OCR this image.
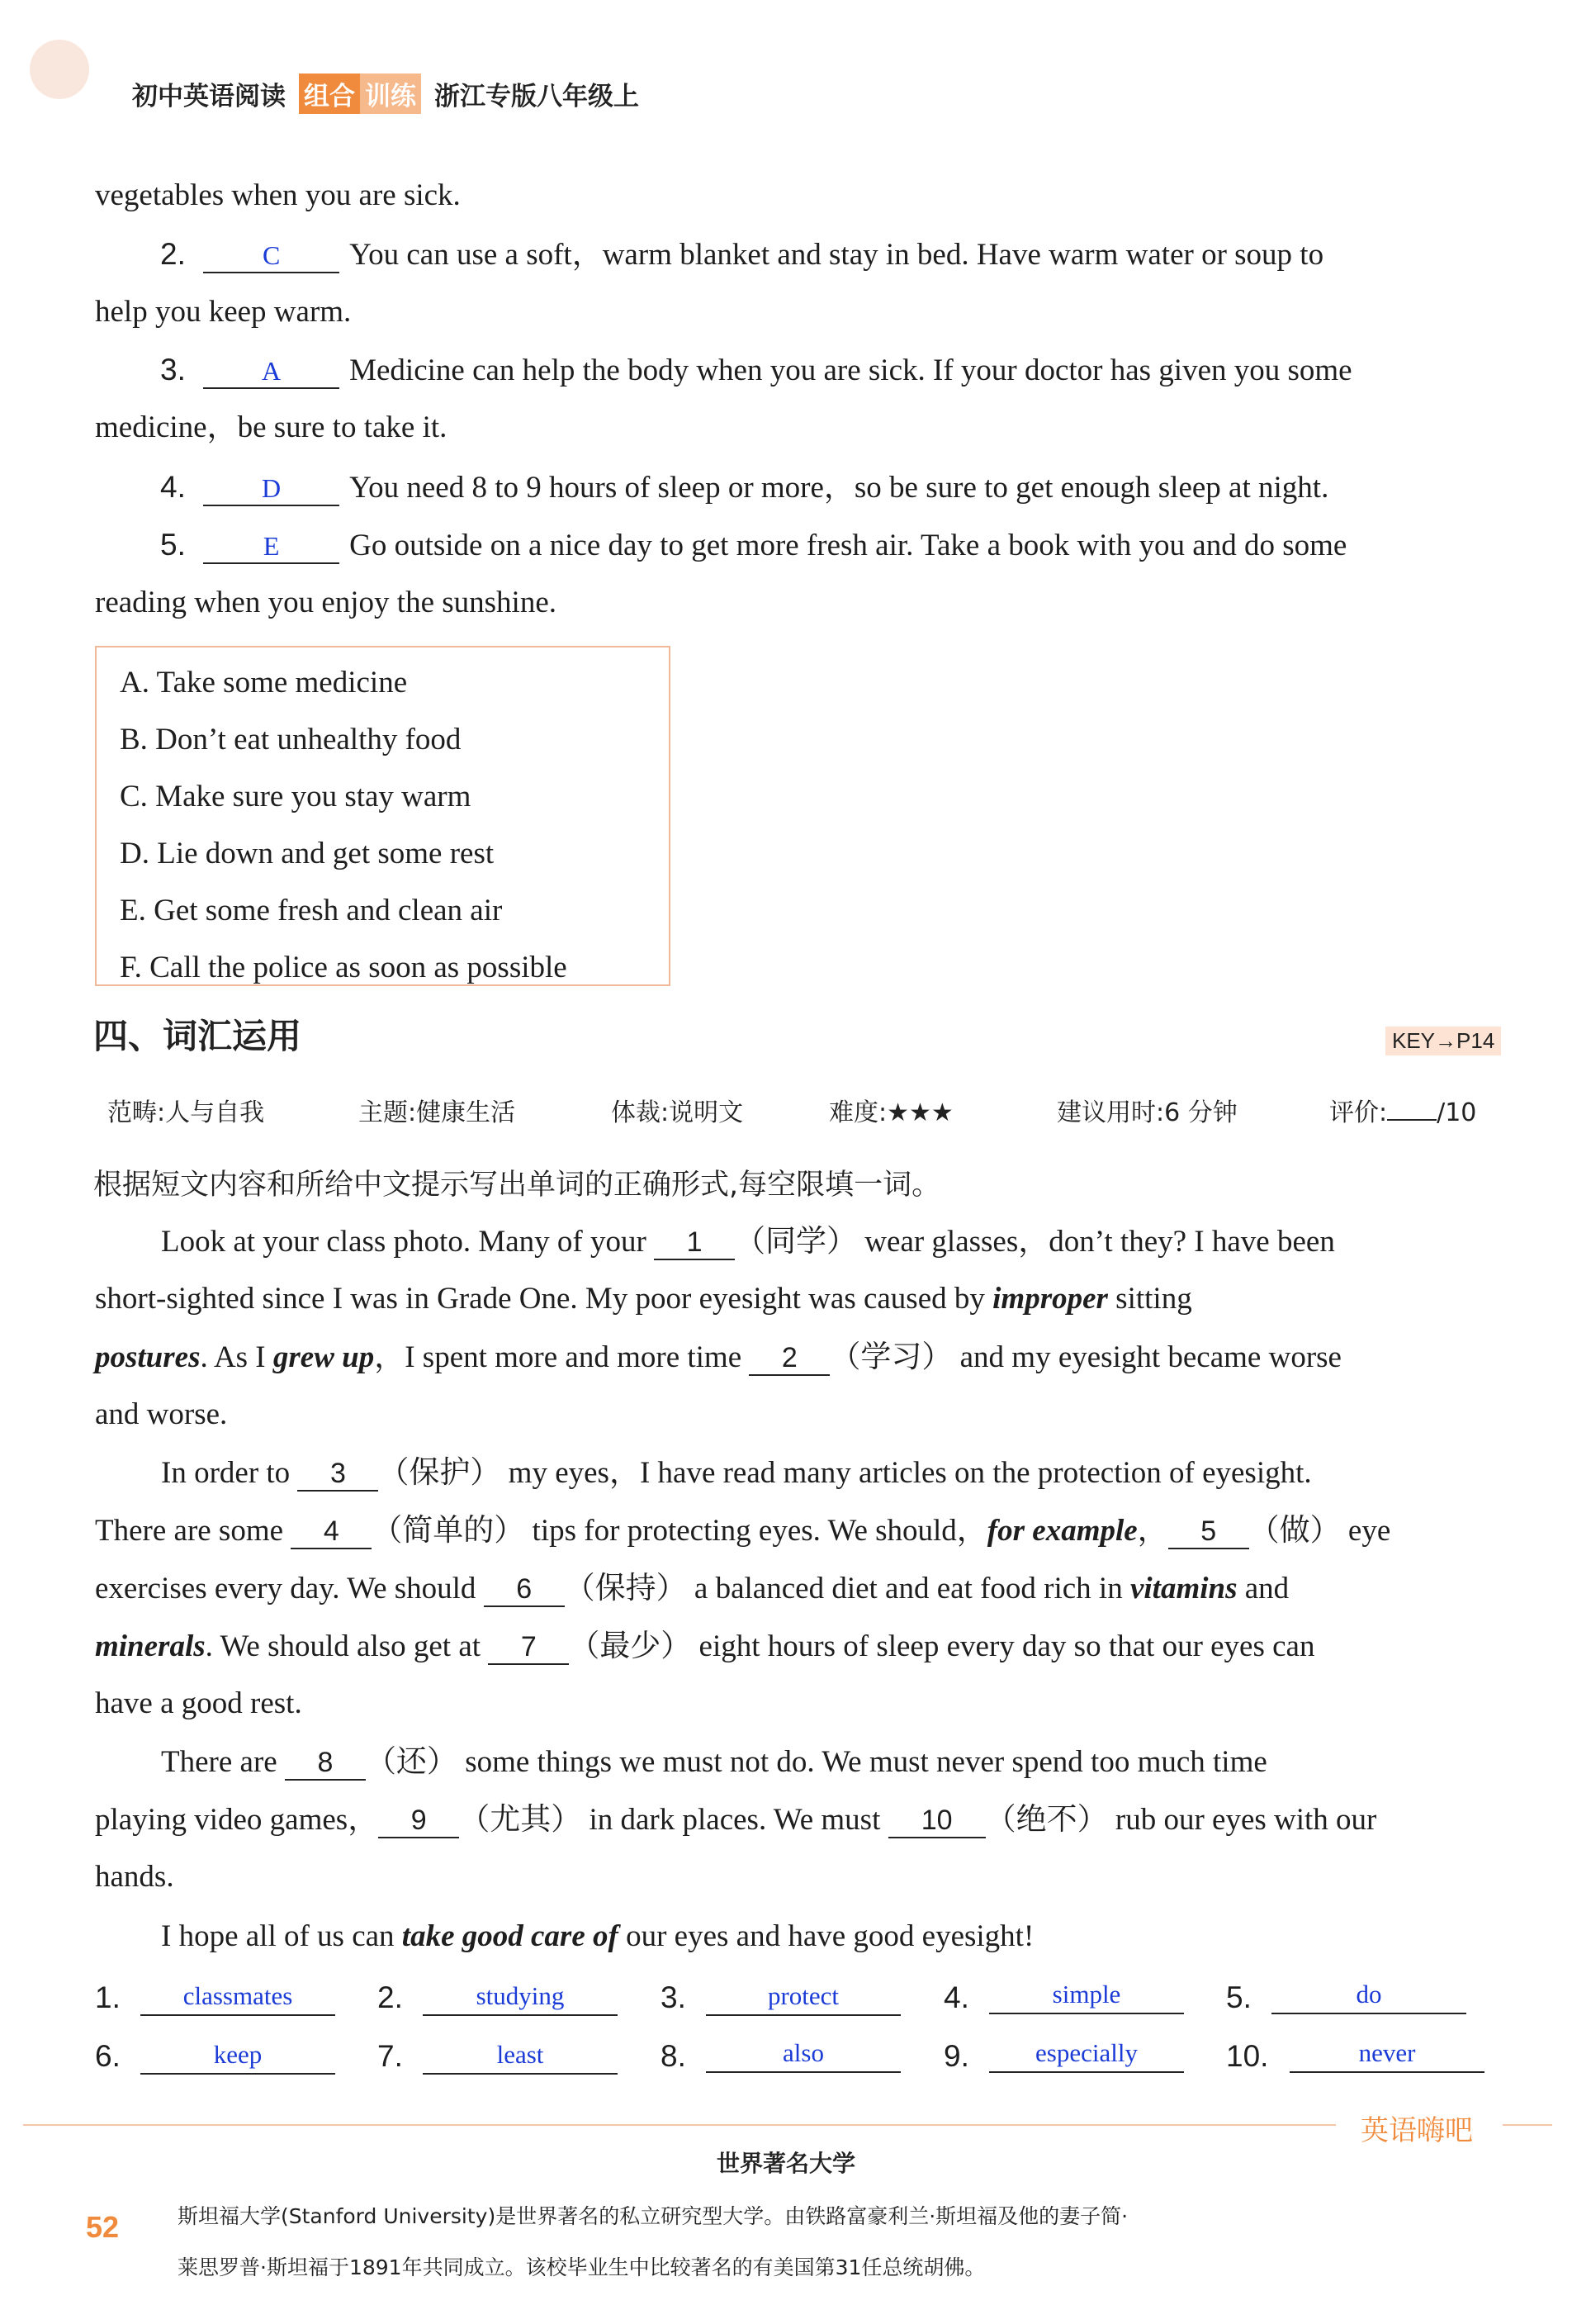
初中英语阅读 组合 训练 浙江专版八年级上
vegetables when you are sick.
2.	C You can use a soft，warm blanket and stay in bed. Have warm water or soup to
help you keep warm.
3.	A Medicine can help the body when you are sick. If your doctor has given you some
medicine，be sure to take it.
4.	D You need 8 to 9 hours of sleep or more，so be sure to get enough sleep at night.
5.	E Go outside on a nice day to get more fresh air. Take a book with you and do some
reading when you enjoy the sunshine.
A. Take some medicine
B. Don’t eat unhealthy food
C. Make sure you stay warm
D. Lie down and get some rest
E. Get some fresh and clean air
F. Call the police as soon as possible
四、词汇运用	KEY→P14
范畴:人与自我	主题:健康生活	体裁:说明文	难度:★★★	建议用时:6 分钟	评价: /10
根据短文内容和所给中文提示写出单词的正确形式,每空限填一词。
Look at your class photo. Many of your 1 （同学） wear glasses，don’t they? I have been
short-sighted since I was in Grade One. My poor eyesight was caused by improper sitting
postures. As I grew up，I spent more and more time 2 （学习） and my eyesight became worse
and worse.
In order to 3 （保护） my eyes，I have read many articles on the protection of eyesight.
There are some 4 （简单的） tips for protecting eyes. We should，for example， 5 （做） eye
exercises every day. We should 6 （保持） a balanced diet and eat food rich in vitamins and
minerals. We should also get at 7 （最少） eight hours of sleep every day so that our eyes can
have a good rest.
There are 8 （还） some things we must not do. We must never spend too much time
playing video games， 9 （尤其） in dark places. We must 10 （绝不） rub our eyes with our
hands.
I hope all of us can take good care of our eyes and have good eyesight!
1.	classmates	2.	studying	3.	protect	4.	simple	5.	do
6.	keep	7.	least	8.	also	9.	especially	10.	never
英语嗨吧
世界著名大学
斯坦福大学(Stanford University)是世界著名的私立研究型大学。由铁路富豪利兰·斯坦福及他的妻子简·
莱思罗普·斯坦福于1891年共同成立。该校毕业生中比较著名的有美国第31任总统胡佛。
52
